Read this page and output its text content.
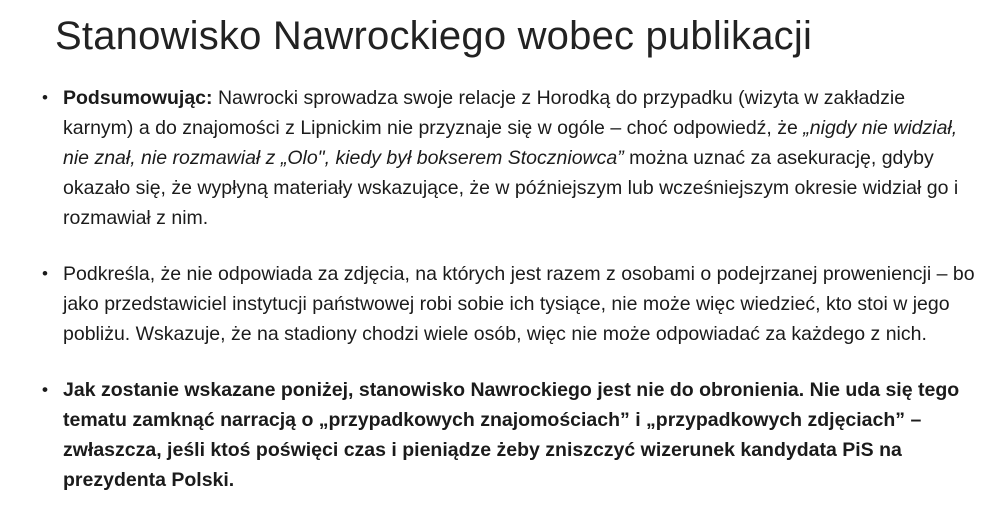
Stanowisko Nawrockiego wobec publikacji
• Podsumowując: Nawrocki sprowadza swoje relacje z Horodką do przypadku (wizyta w zakładzie karnym) a do znajomości z Lipnickim nie przyznaje się w ogóle – choć odpowiedź, że „nigdy nie widział, nie znał, nie rozmawiał z „Olo", kiedy był bokserem Stoczniowca” można uznać za asekurację, gdyby okazało się, że wypłyną materiały wskazujące, że w późniejszym lub wcześniejszym okresie widział go i rozmawiał z nim.
• Podkreśla, że nie odpowiada za zdjęcia, na których jest razem z osobami o podejrzanej proweniencji – bo jako przedstawiciel instytucji państwowej robi sobie ich tysiące, nie może więc wiedzieć, kto stoi w jego pobliżu. Wskazuje, że na stadiony chodzi wiele osób, więc nie może odpowiadać za każdego z nich.
• Jak zostanie wskazane poniżej, stanowisko Nawrockiego jest nie do obronienia. Nie uda się tego tematu zamknąć narracją o „przypadkowych znajomościach” i „przypadkowych zdjęciach” – zwłaszcza, jeśli ktoś poświęci czas i pieniądze żeby zniszczyć wizerunek kandydata PiS na prezydenta Polski.
